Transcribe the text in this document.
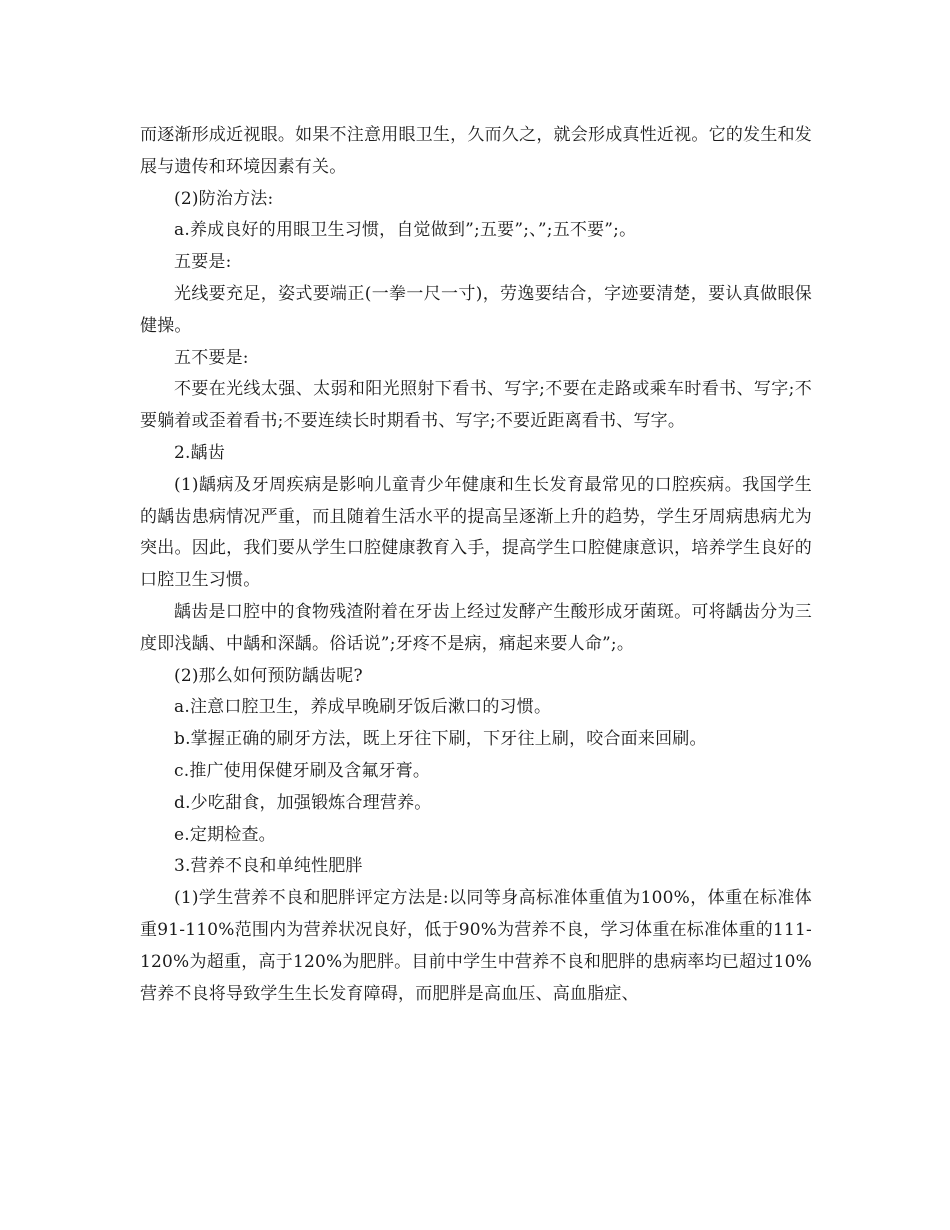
而逐渐形成近视眼。如果不注意用眼卫生，久而久之，就会形成真性近视。它的发生和发展与遗传和环境因素有关。

(2)防治方法:

a.养成良好的用眼卫生习惯，自觉做到”;五要”;、”;五不要”;。

五要是:

光线要充足，姿式要端正(一拳一尺一寸)，劳逸要结合，字迹要清楚，要认真做眼保健操。

五不要是:

不要在光线太强、太弱和阳光照射下看书、写字;不要在走路或乘车时看书、写字;不要躺着或歪着看书;不要连续长时期看书、写字;不要近距离看书、写字。

2.龋齿

(1)龋病及牙周疾病是影响儿童青少年健康和生长发育最常见的口腔疾病。我国学生的龋齿患病情况严重，而且随着生活水平的提高呈逐渐上升的趋势，学生牙周病患病尤为突出。因此，我们要从学生口腔健康教育入手，提高学生口腔健康意识，培养学生良好的口腔卫生习惯。

龋齿是口腔中的食物残渣附着在牙齿上经过发酵产生酸形成牙菌斑。可将龋齿分为三度即浅龋、中龋和深龋。俗话说”;牙疼不是病，痛起来要人命”;。

(2)那么如何预防龋齿呢?

a.注意口腔卫生，养成早晚刷牙饭后漱口的习惯。

b.掌握正确的刷牙方法，既上牙往下刷，下牙往上刷，咬合面来回刷。

c.推广使用保健牙刷及含氟牙膏。

d.少吃甜食，加强锻炼合理营养。

e.定期检查。

3.营养不良和单纯性肥胖

(1)学生营养不良和肥胖评定方法是:以同等身高标准体重值为100%，体重在标准体重91-110%范围内为营养状况良好，低于90%为营养不良，学习体重在标准体重的111-120%为超重，高于120%为肥胖。目前中学生中营养不良和肥胖的患病率均已超过10%营养不良将导致学生生长发育障碍，而肥胖是高血压、高血脂症、
